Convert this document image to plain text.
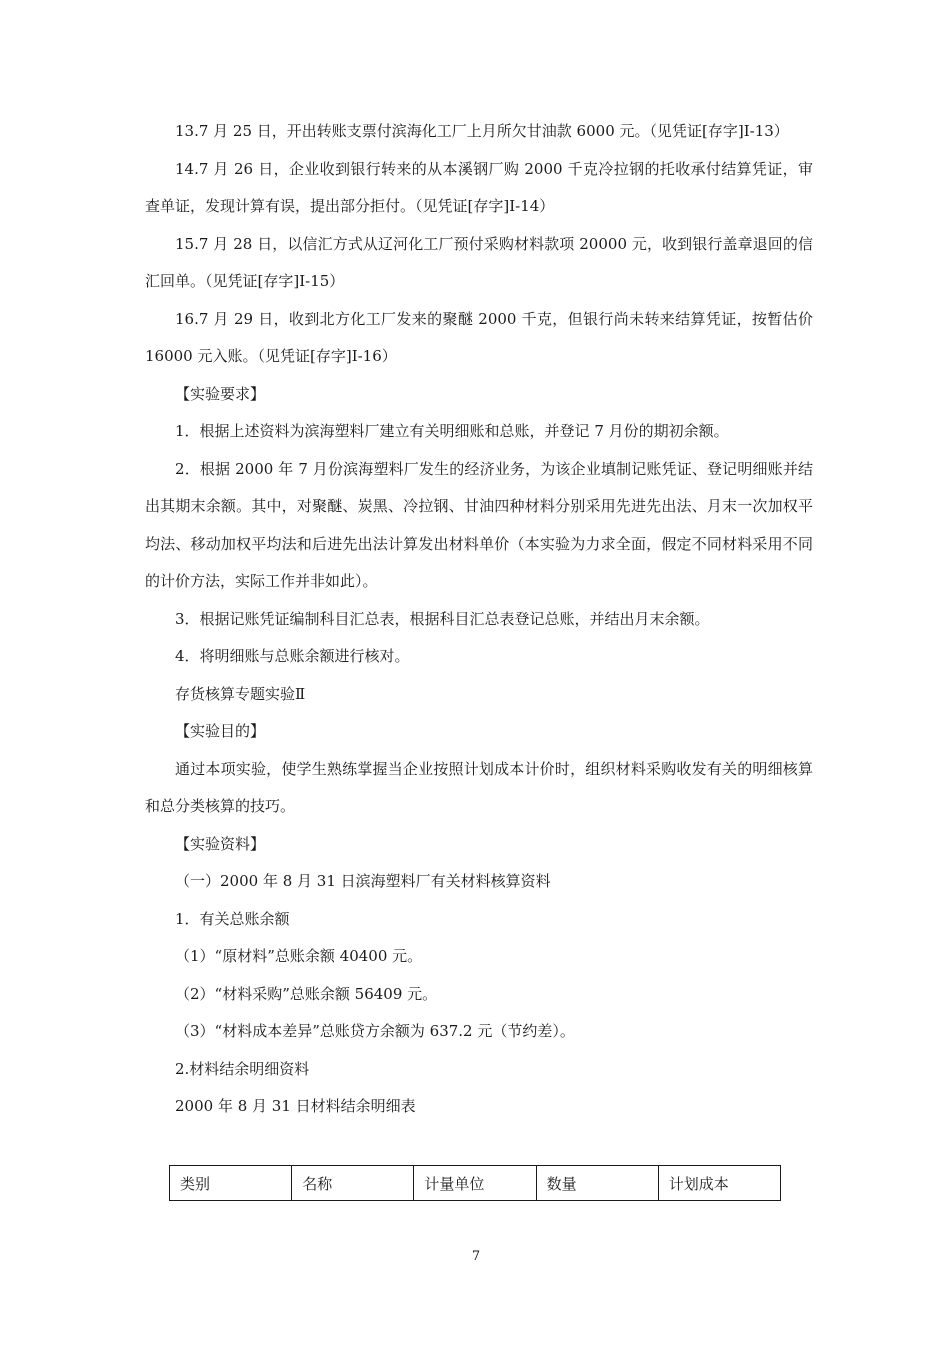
13.7 月 25 日，开出转账支票付滨海化工厂上月所欠甘油款 6000 元。（见凭证[存字]Ⅰ-13）

14.7 月 26 日，企业收到银行转来的从本溪钢厂购 2000 千克冷拉钢的托收承付结算凭证，审查单证，发现计算有误，提出部分拒付。（见凭证[存字]Ⅰ-14）

15.7 月 28 日，以信汇方式从辽河化工厂预付采购材料款项 20000 元，收到银行盖章退回的信汇回单。（见凭证[存字]Ⅰ-15）

16.7 月 29 日，收到北方化工厂发来的聚醚 2000 千克，但银行尚未转来结算凭证，按暂估价 16000 元入账。（见凭证[存字]Ⅰ-16）

【实验要求】

1．根据上述资料为滨海塑料厂建立有关明细账和总账，并登记 7 月份的期初余额。

2．根据 2000 年 7 月份滨海塑料厂发生的经济业务，为该企业填制记账凭证、登记明细账并结出其期末余额。其中，对聚醚、炭黑、冷拉钢、甘油四种材料分别采用先进先出法、月末一次加权平均法、移动加权平均法和后进先出法计算发出材料单价（本实验为力求全面，假定不同材料采用不同的计价方法，实际工作并非如此）。

3．根据记账凭证编制科目汇总表，根据科目汇总表登记总账，并结出月末余额。

4．将明细账与总账余额进行核对。

存货核算专题实验Ⅱ

【实验目的】

通过本项实验，使学生熟练掌握当企业按照计划成本计价时，组织材料采购收发有关的明细核算和总分类核算的技巧。

【实验资料】

（一）2000 年 8 月 31 日滨海塑料厂有关材料核算资料

1．有关总账余额

（1）“原材料”总账余额 40400 元。

（2）“材料采购”总账余额 56409 元。

（3）“材料成本差异”总账贷方余额为 637.2 元（节约差）。

2.材料结余明细资料

2000 年 8 月 31 日材料结余明细表

类别	名称	计量单位	数量	计划成本
7
